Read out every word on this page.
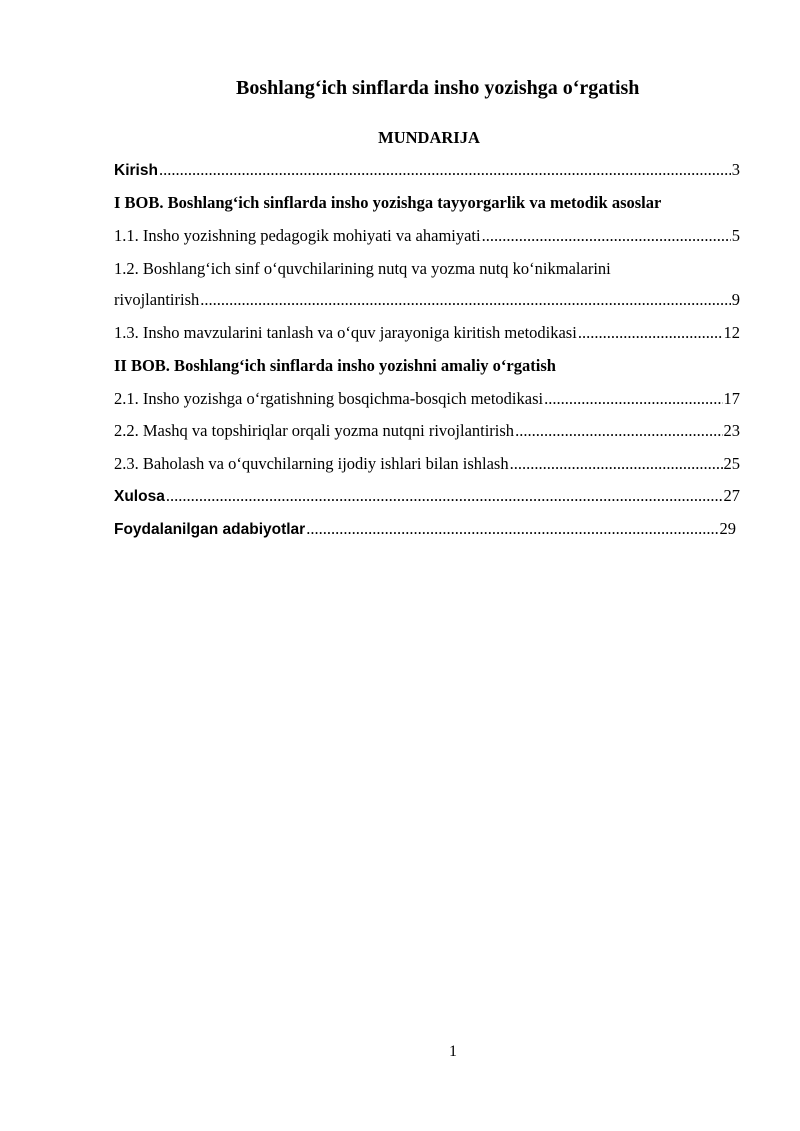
Boshlang‘ich sinflarda insho yozishga o‘rgatish
MUNDARIJA
Kirish .....	3
I BOB. Boshlang‘ich sinflarda insho yozishga tayyorgarlik va metodik asoslar
1.1. Insho yozishning pedagogik mohiyati va ahamiyati .....	5
1.2. Boshlang‘ich sinf o‘quvchilarining nutq va yozma nutq ko‘nikmalarini
rivojlantirish .....	9
1.3. Insho mavzularini tanlash va o‘quv jarayoniga kiritish metodikasi .....	12
II BOB. Boshlang‘ich sinflarda insho yozishni amaliy o‘rgatish
2.1. Insho yozishga o‘rgatishning bosqichma-bosqich metodikasi .....	17
2.2. Mashq va topshiriqlar orqali yozma nutqni rivojlantirish .....	23
2.3. Baholash va o‘quvchilarning ijodiy ishlari bilan ishlash .....	25
Xulosa .....	27
Foydalanilgan adabiyotlar .....	29
1
